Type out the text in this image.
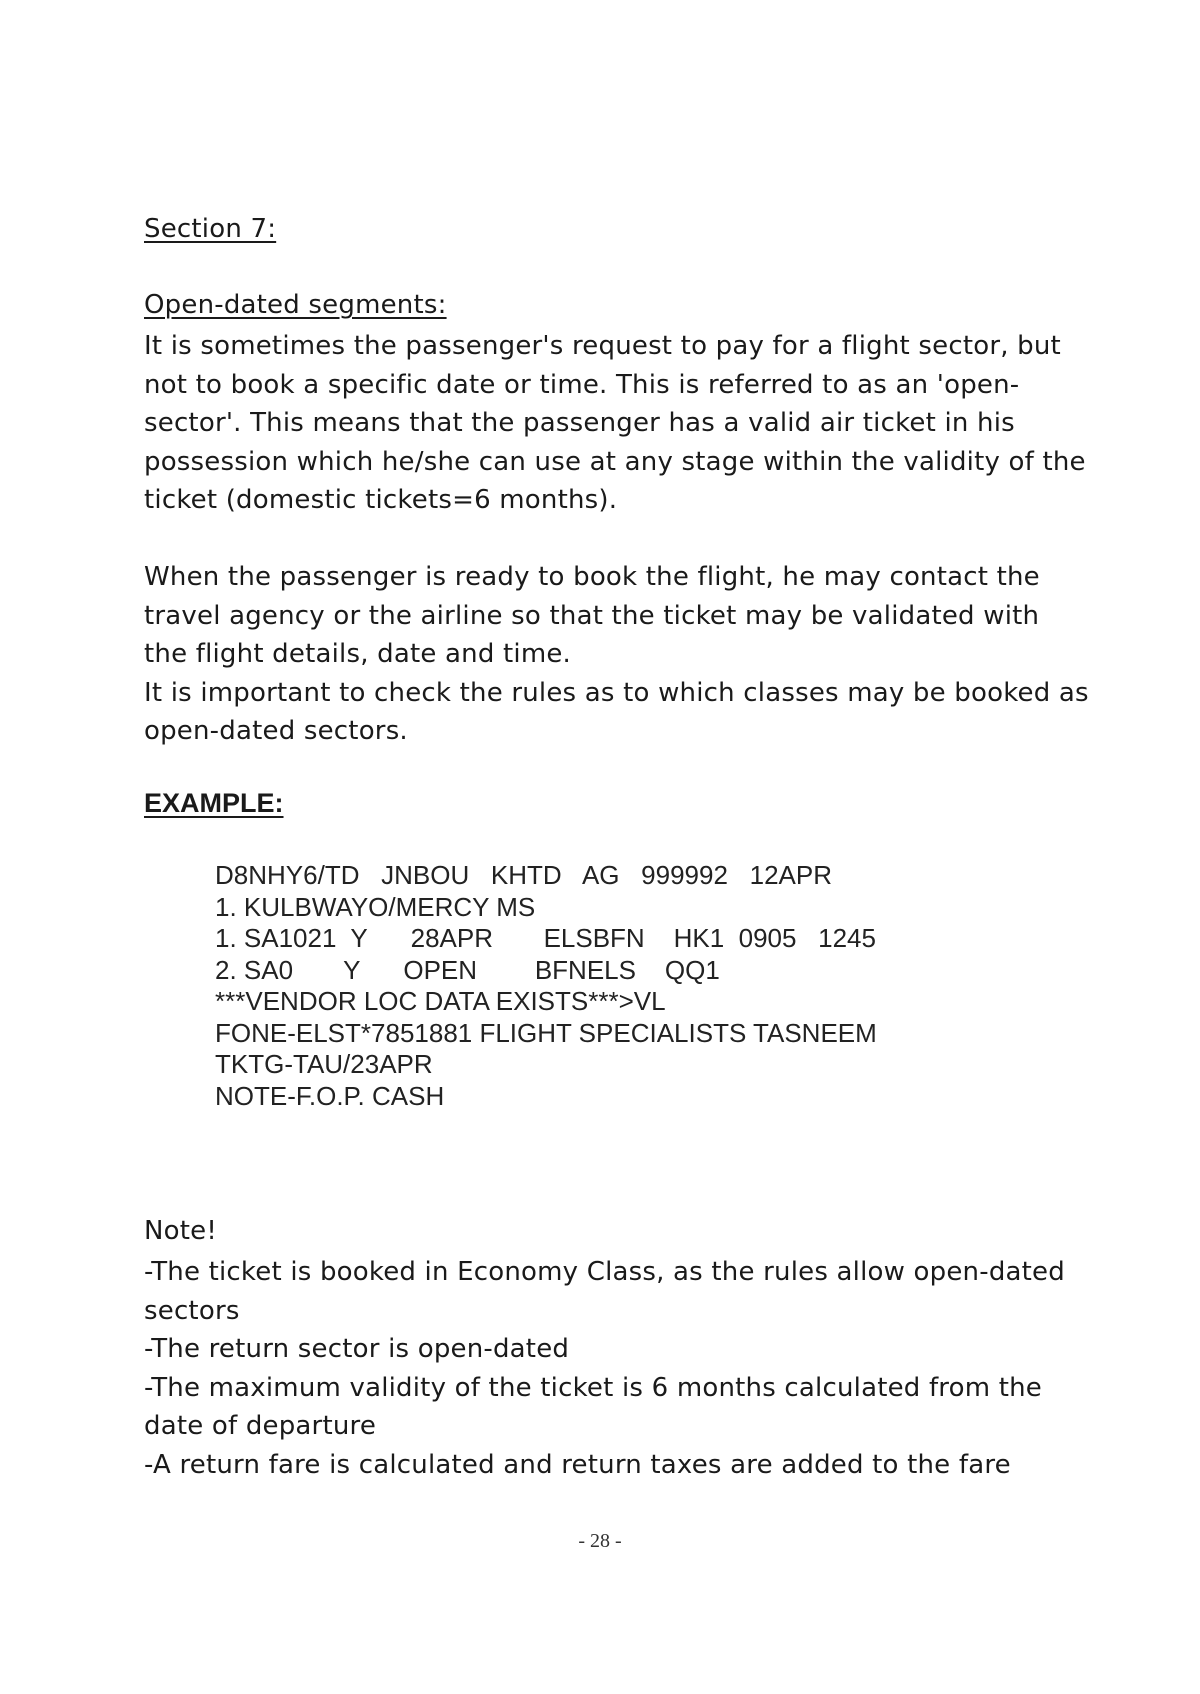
Section 7:
Open-dated segments:

It is sometimes the passenger's request to pay for a flight sector, but
not to book a specific date or time. This is referred to as an 'open-
sector'. This means that the passenger has a valid air ticket in his
possession which he/she can use at any stage within the validity of the
ticket (domestic tickets=6 months).

When the passenger is ready to book the flight, he may contact the
travel agency or the airline so that the ticket may be validated with
the flight details, date and time.
It is important to check the rules as to which classes may be booked as
open-dated sectors.

EXAMPLE:
D8NHY6/TD   JNBOU   KHTD   AG   999992   12APR
1. KULBWAYO/MERCY MS
1. SA1021  Y      28APR       ELSBFN    HK1  0905   1245
2. SA0       Y      OPEN        BFNELS    QQ1
***VENDOR LOC DATA EXISTS***>VL
FONE-ELST*7851881 FLIGHT SPECIALISTS TASNEEM
TKTG-TAU/23APR
NOTE-F.O.P. CASH

Note!

-The ticket is booked in Economy Class, as the rules allow open-dated
sectors
-The return sector is open-dated
-The maximum validity of the ticket is 6 months calculated from the
date of departure
-A return fare is calculated and return taxes are added to the fare
- 28 -
